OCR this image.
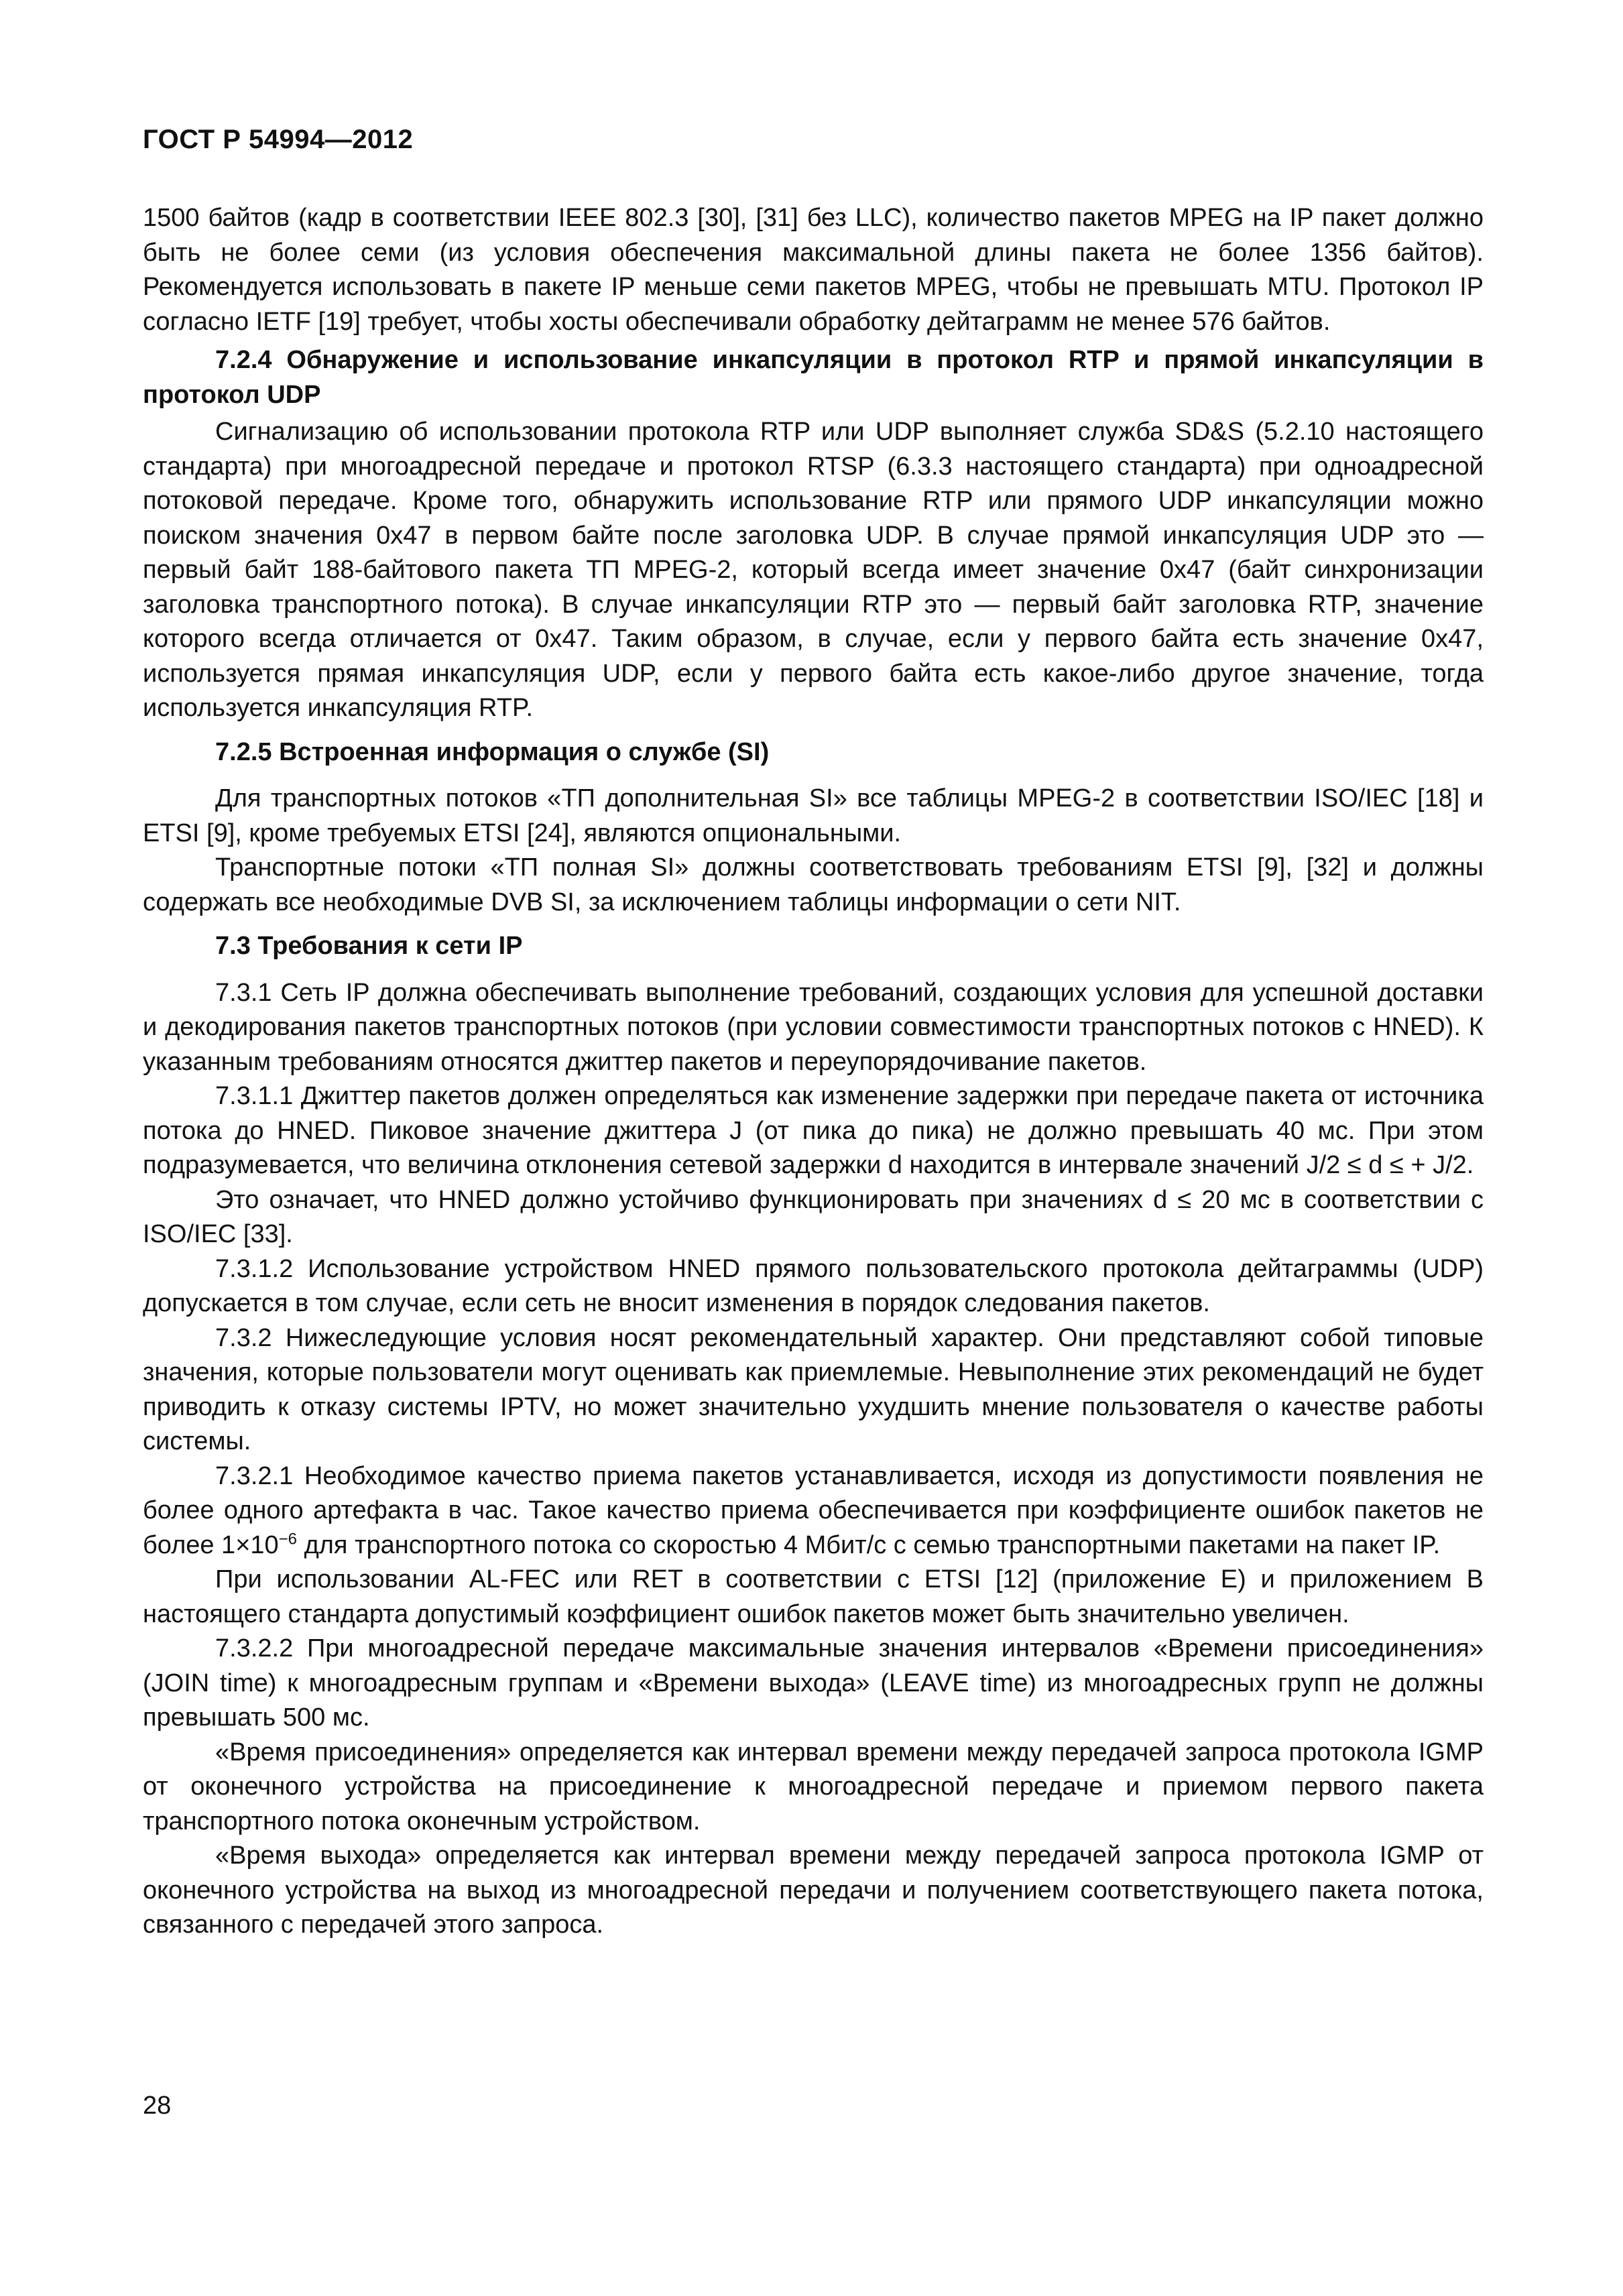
ГОСТ Р 54994—2012

1500 байтов (кадр в соответствии IEEE 802.3 [30], [31] без LLC), количество пакетов MPEG на IP пакет должно быть не более семи (из условия обеспечения максимальной длины пакета не более 1356 байтов). Рекомендуется использовать в пакете IP меньше семи пакетов MPEG, чтобы не превышать MTU. Протокол IP согласно IETF [19] требует, чтобы хосты обеспечивали обработку дейтаграмм не менее 576 байтов.

7.2.4 Обнаружение и использование инкапсуляции в протокол RTP и прямой инкапсуляции в протокол UDP

Сигнализацию об использовании протокола RTP или UDP выполняет служба SD&S (5.2.10 настоящего стандарта) при многоадресной передаче и протокол RTSP (6.3.3 настоящего стандарта) при одноадресной потоковой передаче. Кроме того, обнаружить использование RTP или прямого UDP инкапсуляции можно поиском значения 0x47 в первом байте после заголовка UDP. В случае прямой инкапсуляция UDP это — первый байт 188-байтового пакета ТП MPEG-2, который всегда имеет значение 0x47 (байт синхронизации заголовка транспортного потока). В случае инкапсуляции RTP это — первый байт заголовка RTP, значение которого всегда отличается от 0x47. Таким образом, в случае, если у первого байта есть значение 0x47, используется прямая инкапсуляция UDP, если у первого байта есть какое-либо другое значение, тогда используется инкапсуляция RTP.

7.2.5 Встроенная информация о службе (SI)

Для транспортных потоков «ТП дополнительная SI» все таблицы MPEG-2 в соответствии ISO/IEC [18] и ETSI [9], кроме требуемых ETSI [24], являются опциональными.

Транспортные потоки «ТП полная SI» должны соответствовать требованиям ETSI [9], [32] и должны содержать все необходимые DVB SI, за исключением таблицы информации о сети NIT.

7.3 Требования к сети IP

7.3.1 Сеть IP должна обеспечивать выполнение требований, создающих условия для успешной доставки и декодирования пакетов транспортных потоков (при условии совместимости транспортных потоков с HNED). К указанным требованиям относятся джиттер пакетов и переупорядочивание пакетов.

7.3.1.1 Джиттер пакетов должен определяться как изменение задержки при передаче пакета от источника потока до HNED. Пиковое значение джиттера J (от пика до пика) не должно превышать 40 мс. При этом подразумевается, что величина отклонения сетевой задержки d находится в интервале значений J/2 ≤ d ≤ + J/2.

Это означает, что HNED должно устойчиво функционировать при значениях d ≤ 20 мс в соответствии с ISO/IEC [33].

7.3.1.2 Использование устройством HNED прямого пользовательского протокола дейтаграммы (UDP) допускается в том случае, если сеть не вносит изменения в порядок следования пакетов.

7.3.2 Нижеследующие условия носят рекомендательный характер. Они представляют собой типовые значения, которые пользователи могут оценивать как приемлемые. Невыполнение этих рекомендаций не будет приводить к отказу системы IPTV, но может значительно ухудшить мнение пользователя о качестве работы системы.

7.3.2.1 Необходимое качество приема пакетов устанавливается, исходя из допустимости появления не более одного артефакта в час. Такое качество приема обеспечивается при коэффициенте ошибок пакетов не более $1\times 10^{-6}$ для транспортного потока со скоростью 4 Мбит/с с семью транспортными пакетами на пакет IP.

При использовании AL-FEC или RET в соответствии с ETSI [12] (приложение E) и приложением B настоящего стандарта допустимый коэффициент ошибок пакетов может быть значительно увеличен.

7.3.2.2 При многоадресной передаче максимальные значения интервалов «Времени присоединения» (JOIN time) к многоадресным группам и «Времени выхода» (LEAVE time) из многоадресных групп не должны превышать 500 мс.

«Время присоединения» определяется как интервал времени между передачей запроса протокола IGMP от оконечного устройства на присоединение к многоадресной передаче и приемом первого пакета транспортного потока оконечным устройством.

«Время выхода» определяется как интервал времени между передачей запроса протокола IGMP от оконечного устройства на выход из многоадресной передачи и получением соответствующего пакета потока, связанного с передачей этого запроса.

28
